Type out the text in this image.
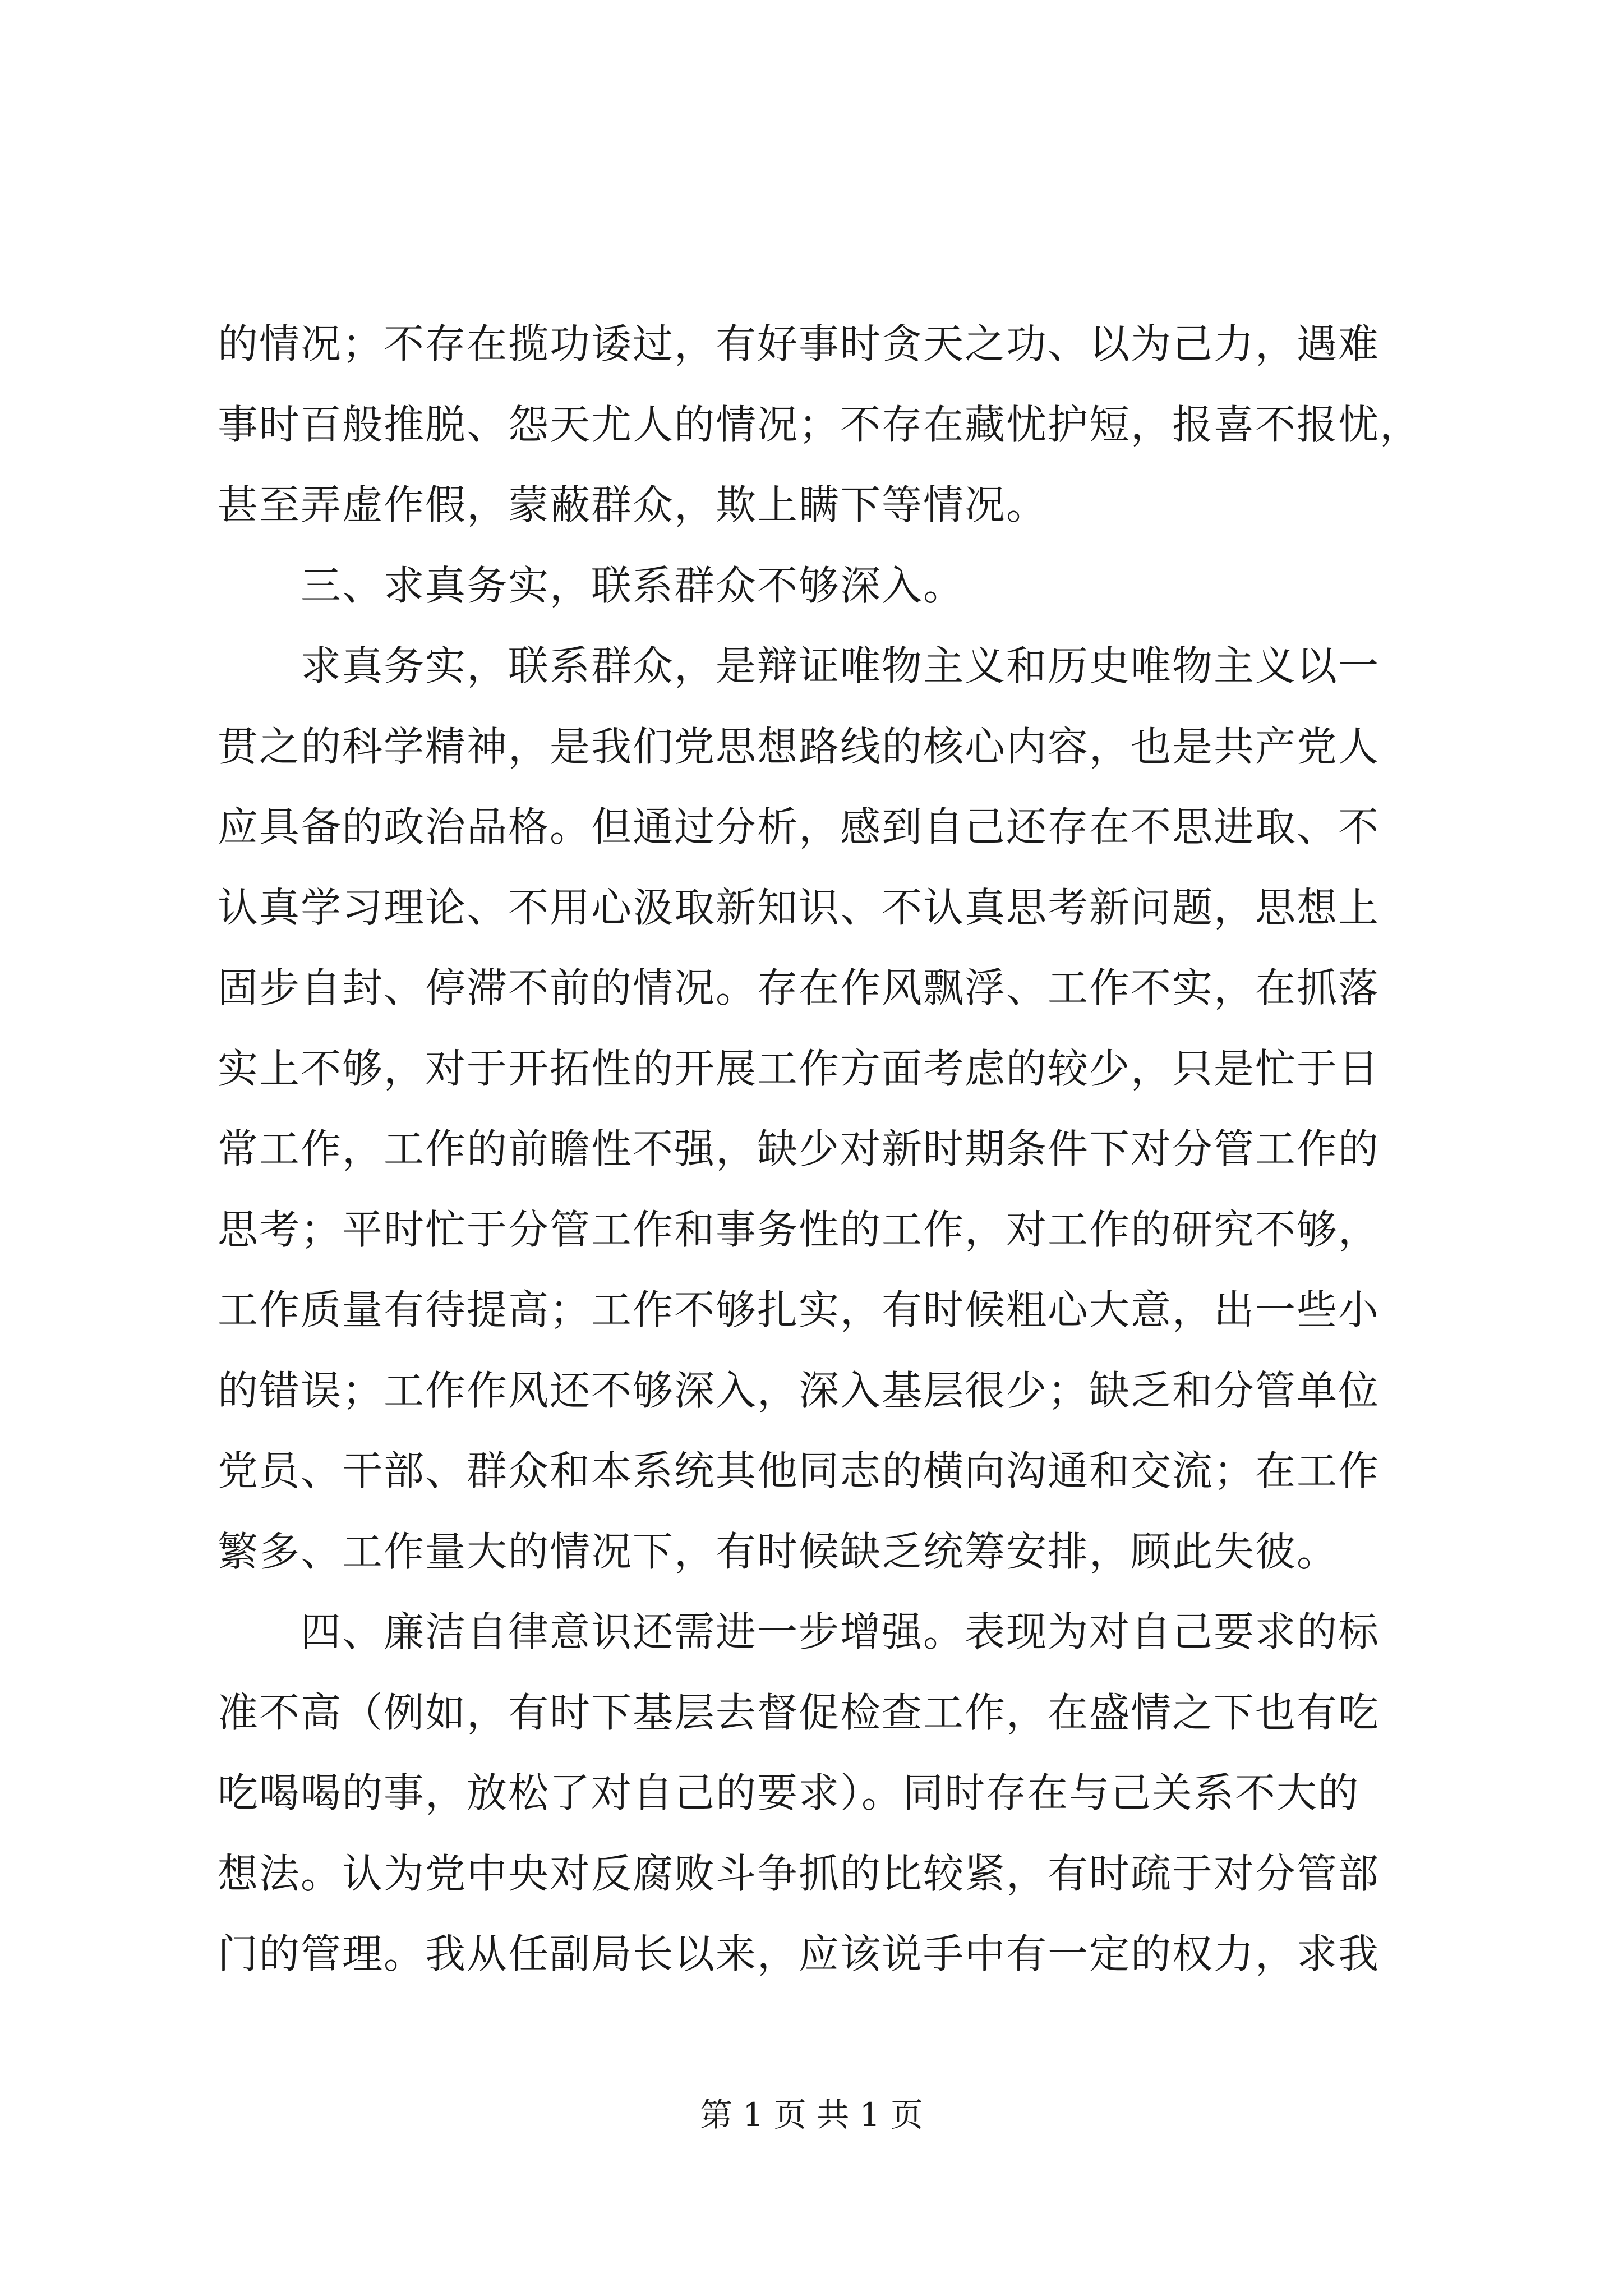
的情况；不存在揽功诿过，有好事时贪天之功、以为己力，遇难
事时百般推脱、怨天尤人的情况；不存在藏忧护短，报喜不报忧，
甚至弄虚作假，蒙蔽群众，欺上瞒下等情况。
　　三、求真务实，联系群众不够深入。
　　求真务实，联系群众，是辩证唯物主义和历史唯物主义以一
贯之的科学精神，是我们党思想路线的核心内容，也是共产党人
应具备的政治品格。但通过分析，感到自己还存在不思进取、不
认真学习理论、不用心汲取新知识、不认真思考新问题，思想上
固步自封、停滞不前的情况。存在作风飘浮、工作不实，在抓落
实上不够，对于开拓性的开展工作方面考虑的较少，只是忙于日
常工作，工作的前瞻性不强，缺少对新时期条件下对分管工作的
思考；平时忙于分管工作和事务性的工作，对工作的研究不够，
工作质量有待提高；工作不够扎实，有时候粗心大意，出一些小
的错误；工作作风还不够深入，深入基层很少；缺乏和分管单位
党员、干部、群众和本系统其他同志的横向沟通和交流；在工作
繁多、工作量大的情况下，有时候缺乏统筹安排，顾此失彼。
　　四、廉洁自律意识还需进一步增强。表现为对自己要求的标
准不高（例如，有时下基层去督促检查工作，在盛情之下也有吃
吃喝喝的事，放松了对自己的要求）。同时存在与己关系不大的
想法。认为党中央对反腐败斗争抓的比较紧，有时疏于对分管部
门的管理。我从任副局长以来，应该说手中有一定的权力，求我
第 1 页 共 1 页
